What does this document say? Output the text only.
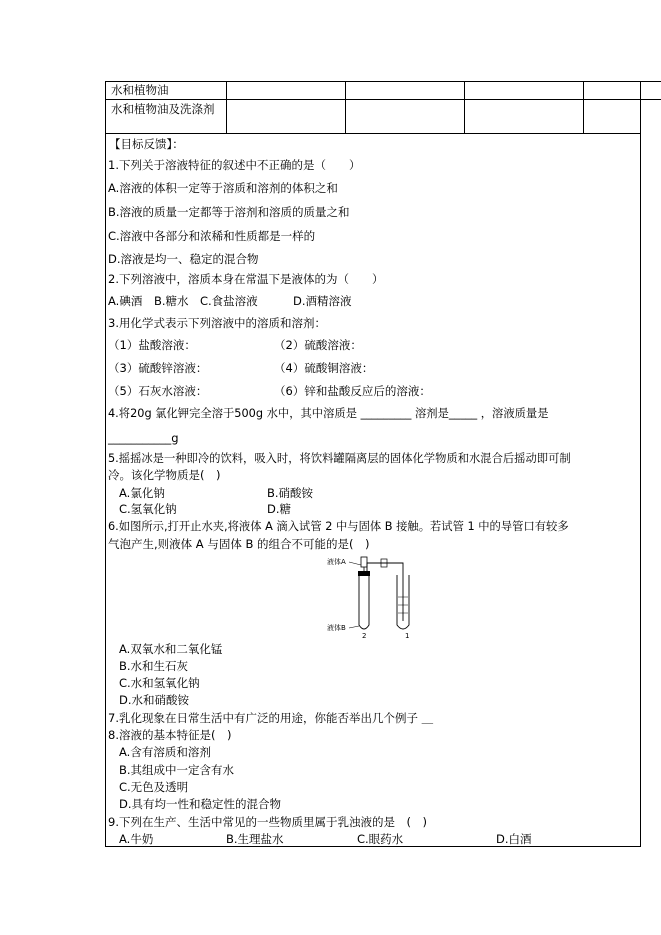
水和植物油
水和植物油及洗涤剂
【目标反馈】：
1.下列关于溶液特征的叙述中不正确的是（　　）
A.溶液的体积一定等于溶质和溶剂的体积之和
B.溶液的质量一定都等于溶剂和溶质的质量之和
C.溶液中各部分和浓稀和性质都是一样的
D.溶液是均一、稳定的混合物
2.下列溶液中，溶质本身在常温下是液体的为（　　）
A.碘酒 B.糖水 C.食盐溶液	D.酒精溶液
3.用化学式表示下列溶液中的溶质和溶剂：
（1）盐酸溶液：	（2）硫酸溶液：
（3）硫酸锌溶液：	（4）硫酸铜溶液：
（5）石灰水溶液：	（6）锌和盐酸反应后的溶液：
4.将20g 氯化钾完全溶于500g 水中，其中溶质是 _________ 溶剂是_____ ，溶液质量是
___________g
5.摇摇冰是一种即冷的饮料，吸入时，将饮料罐隔离层的固体化学物质和水混合后摇动即可制
冷。该化学物质是(　)
A.氯化钠	B.硝酸铵
C.氢氧化钠	D.糖
6.如图所示,打开止水夹,将液体 A 滴入试管 2 中与固体 B 接触。若试管 1 中的导管口有较多
气泡产生,则液体 A 与固体 B 的组合不可能的是(　)
液体A
液体B
2	1
A.双氧水和二氧化锰
B.水和生石灰
C.水和氢氧化钠
D.水和硝酸铵
7.乳化现象在日常生活中有广泛的用途，你能否举出几个例子 ＿
8.溶液的基本特征是(　)
A.含有溶质和溶剂
B.其组成中一定含有水
C.无色及透明
D.具有均一性和稳定性的混合物
9.下列在生产、生活中常见的一些物质里属于乳浊液的是　(　)
A.牛奶	B.生理盐水	C.眼药水	D.白酒
